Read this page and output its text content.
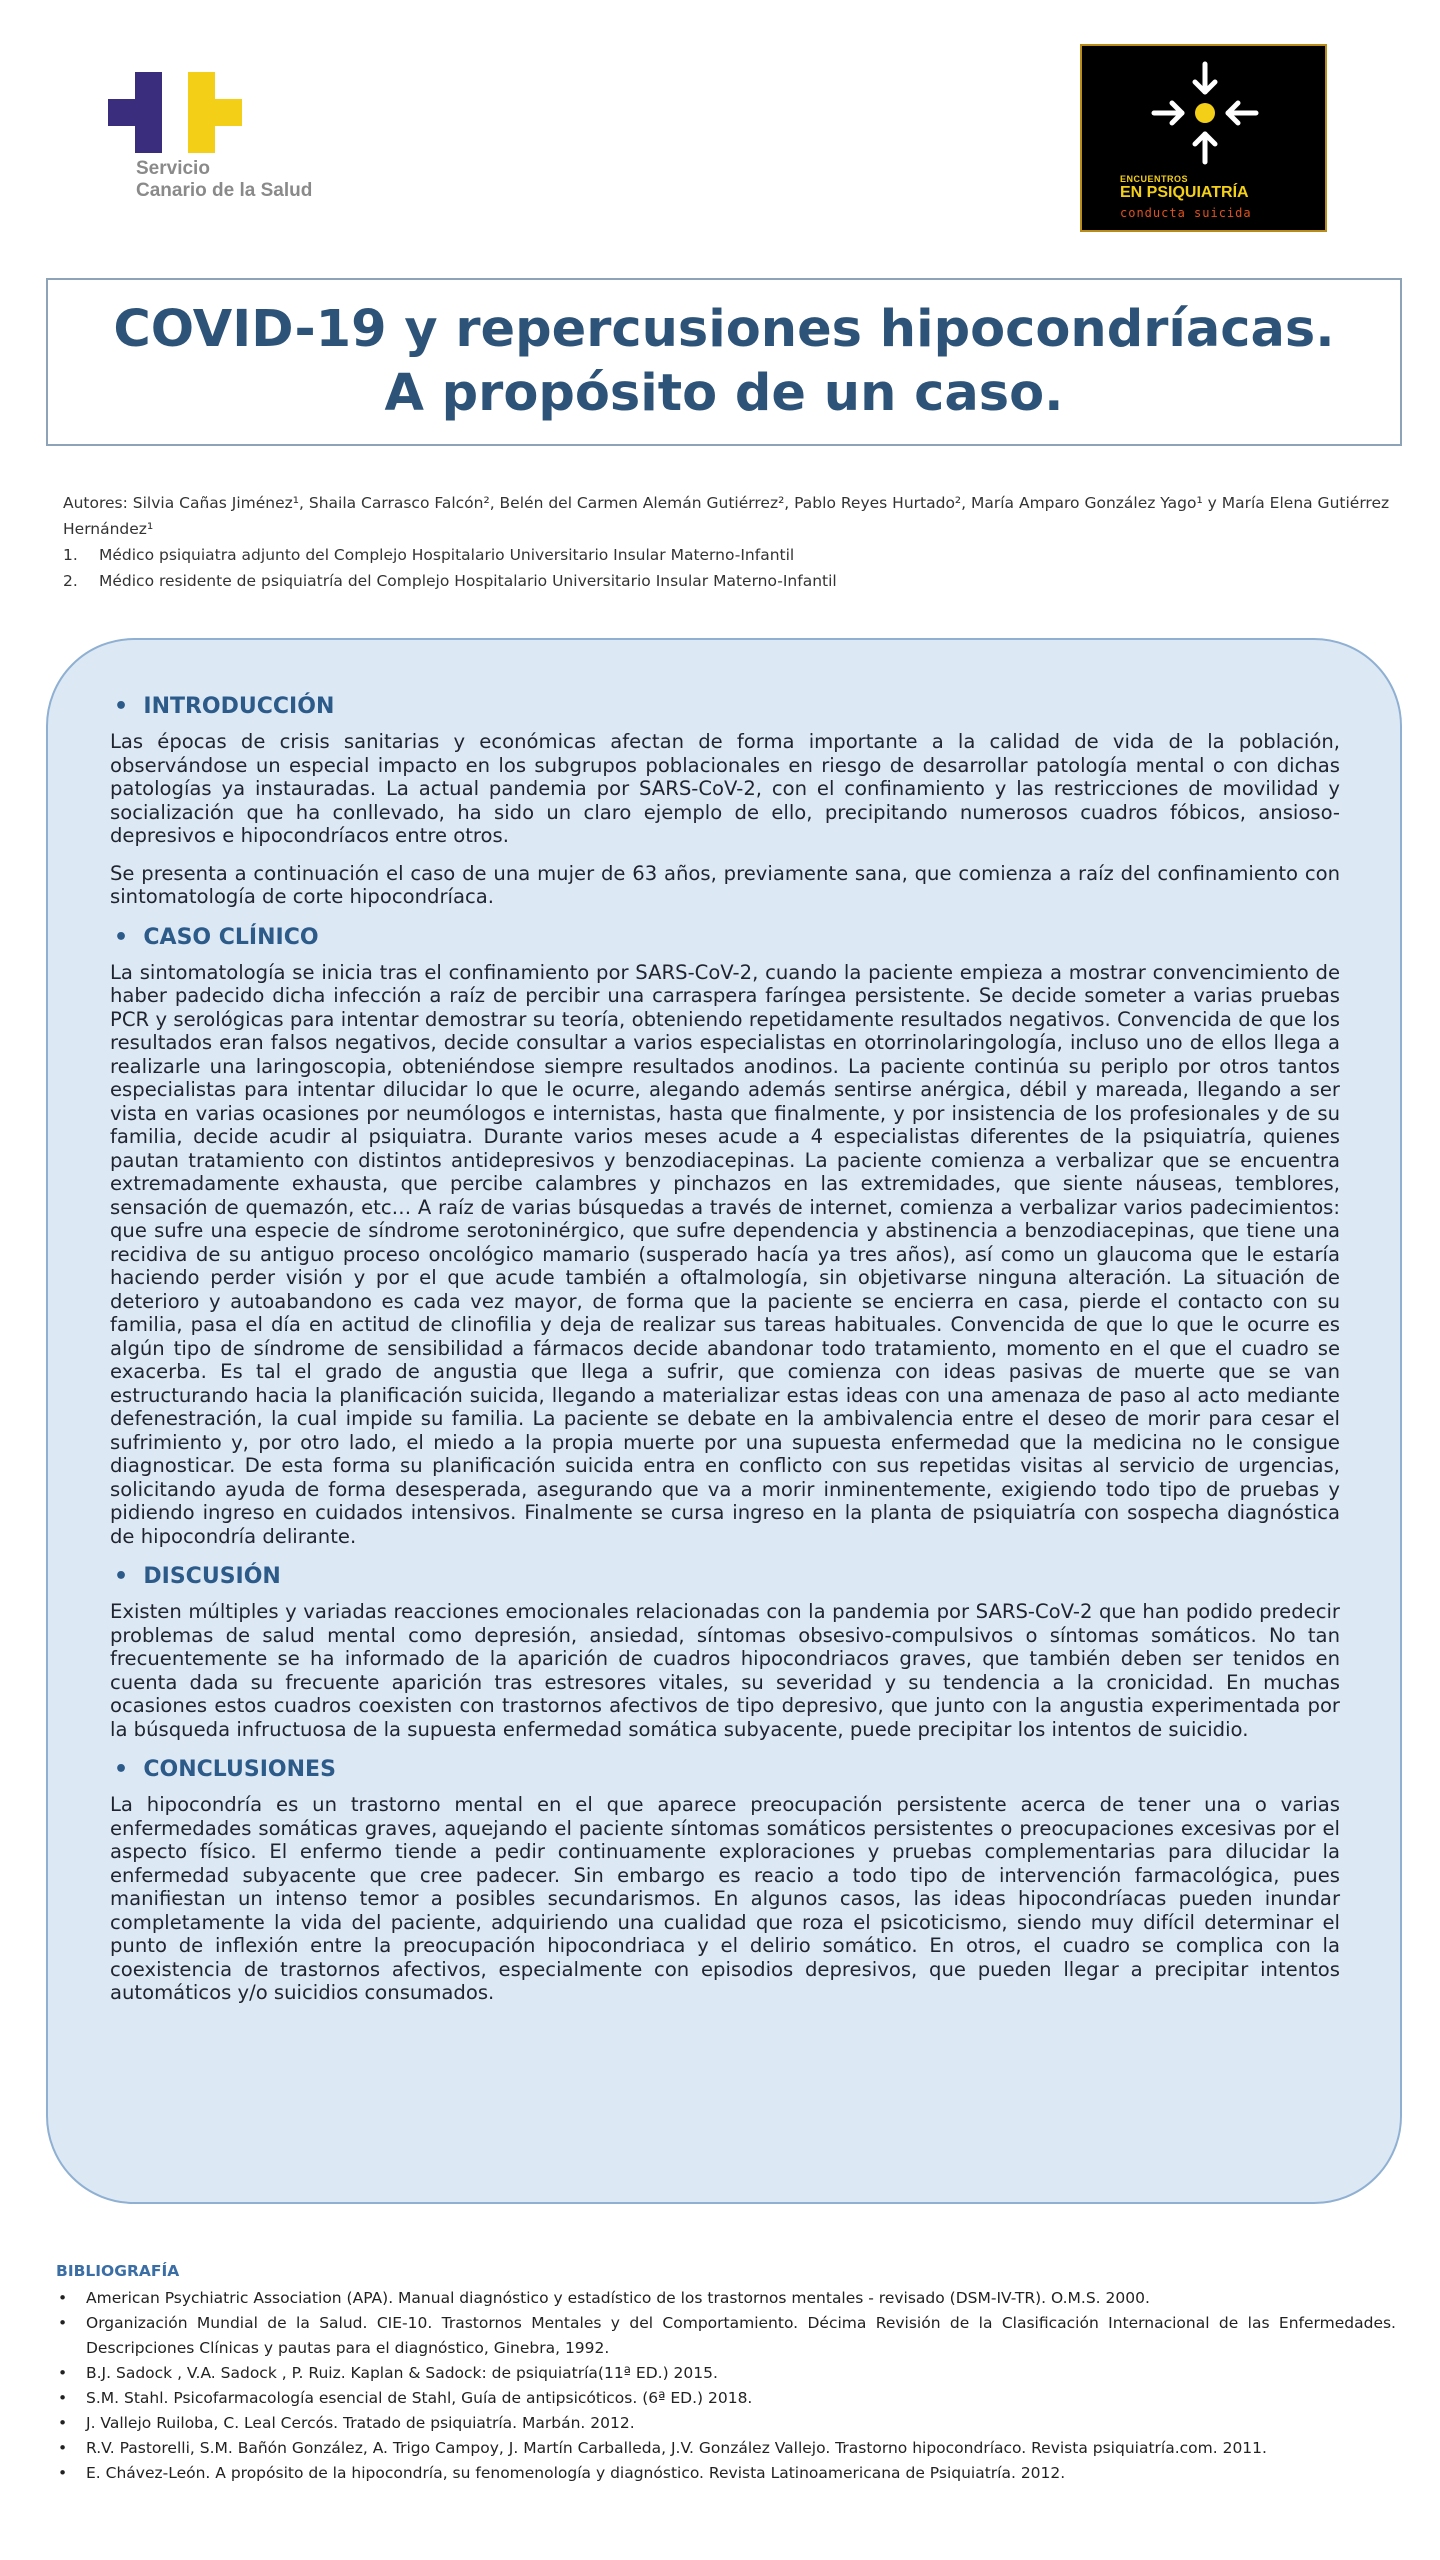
Servicio
Canario de la Salud
ENCUENTROS
EN PSIQUIATRÍA
conducta suicida
COVID-19 y repercusiones hipocondríacas. A propósito de un caso.
Autores: Silvia Cañas Jiménez¹, Shaila Carrasco Falcón², Belén del Carmen Alemán Gutiérrez², Pablo Reyes Hurtado², María Amparo González Yago¹ y María Elena Gutiérrez Hernández¹
1. Médico psiquiatra adjunto del Complejo Hospitalario Universitario Insular Materno-Infantil
2. Médico residente de psiquiatría del Complejo Hospitalario Universitario Insular Materno-Infantil
• INTRODUCCIÓN

Las épocas de crisis sanitarias y económicas afectan de forma importante a la calidad de vida de la población, observándose un especial impacto en los subgrupos poblacionales en riesgo de desarrollar patología mental o con dichas patologías ya instauradas. La actual pandemia por SARS-CoV-2, con el confinamiento y las restricciones de movilidad y socialización que ha conllevado, ha sido un claro ejemplo de ello, precipitando numerosos cuadros fóbicos, ansioso-depresivos e hipocondríacos entre otros.

Se presenta a continuación el caso de una mujer de 63 años, previamente sana, que comienza a raíz del confinamiento con sintomatología de corte hipocondríaca.

• CASO CLÍNICO

La sintomatología se inicia tras el confinamiento por SARS-CoV-2, cuando la paciente empieza a mostrar convencimiento de haber padecido dicha infección a raíz de percibir una carraspera faríngea persistente. Se decide someter a varias pruebas PCR y serológicas para intentar demostrar su teoría, obteniendo repetidamente resultados negativos. Convencida de que los resultados eran falsos negativos, decide consultar a varios especialistas en otorrinolaringología, incluso uno de ellos llega a realizarle una laringoscopia, obteniéndose siempre resultados anodinos. La paciente continúa su periplo por otros tantos especialistas para intentar dilucidar lo que le ocurre, alegando además sentirse anérgica, débil y mareada, llegando a ser vista en varias ocasiones por neumólogos e internistas, hasta que finalmente, y por insistencia de los profesionales y de su familia, decide acudir al psiquiatra. Durante varios meses acude a 4 especialistas diferentes de la psiquiatría, quienes pautan tratamiento con distintos antidepresivos y benzodiacepinas. La paciente comienza a verbalizar que se encuentra extremadamente exhausta, que percibe calambres y pinchazos en las extremidades, que siente náuseas, temblores, sensación de quemazón, etc… A raíz de varias búsquedas a través de internet, comienza a verbalizar varios padecimientos: que sufre una especie de síndrome serotoninérgico, que sufre dependencia y abstinencia a benzodiacepinas, que tiene una recidiva de su antiguo proceso oncológico mamario (susperado hacía ya tres años), así como un glaucoma que le estaría haciendo perder visión y por el que acude también a oftalmología, sin objetivarse ninguna alteración. La situación de deterioro y autoabandono es cada vez mayor, de forma que la paciente se encierra en casa, pierde el contacto con su familia, pasa el día en actitud de clinofilia y deja de realizar sus tareas habituales. Convencida de que lo que le ocurre es algún tipo de síndrome de sensibilidad a fármacos decide abandonar todo tratamiento, momento en el que el cuadro se exacerba. Es tal el grado de angustia que llega a sufrir, que comienza con ideas pasivas de muerte que se van estructurando hacia la planificación suicida, llegando a materializar estas ideas con una amenaza de paso al acto mediante defenestración, la cual impide su familia. La paciente se debate en la ambivalencia entre el deseo de morir para cesar el sufrimiento y, por otro lado, el miedo a la propia muerte por una supuesta enfermedad que la medicina no le consigue diagnosticar. De esta forma su planificación suicida entra en conflicto con sus repetidas visitas al servicio de urgencias, solicitando ayuda de forma desesperada, asegurando que va a morir inminentemente, exigiendo todo tipo de pruebas y pidiendo ingreso en cuidados intensivos. Finalmente se cursa ingreso en la planta de psiquiatría con sospecha diagnóstica de hipocondría delirante.

• DISCUSIÓN

Existen múltiples y variadas reacciones emocionales relacionadas con la pandemia por SARS-CoV-2 que han podido predecir problemas de salud mental como depresión, ansiedad, síntomas obsesivo-compulsivos o síntomas somáticos. No tan frecuentemente se ha informado de la aparición de cuadros hipocondriacos graves, que también deben ser tenidos en cuenta dada su frecuente aparición tras estresores vitales, su severidad y su tendencia a la cronicidad. En muchas ocasiones estos cuadros coexisten con trastornos afectivos de tipo depresivo, que junto con la angustia experimentada por la búsqueda infructuosa de la supuesta enfermedad somática subyacente, puede precipitar los intentos de suicidio.

• CONCLUSIONES

La hipocondría es un trastorno mental en el que aparece preocupación persistente acerca de tener una o varias enfermedades somáticas graves, aquejando el paciente síntomas somáticos persistentes o preocupaciones excesivas por el aspecto físico. El enfermo tiende a pedir continuamente exploraciones y pruebas complementarias para dilucidar la enfermedad subyacente que cree padecer. Sin embargo es reacio a todo tipo de intervención farmacológica, pues manifiestan un intenso temor a posibles secundarismos. En algunos casos, las ideas hipocondríacas pueden inundar completamente la vida del paciente, adquiriendo una cualidad que roza el psicoticismo, siendo muy difícil determinar el punto de inflexión entre la preocupación hipocondriaca y el delirio somático. En otros, el cuadro se complica con la coexistencia de trastornos afectivos, especialmente con episodios depresivos, que pueden llegar a precipitar intentos automáticos y/o suicidios consumados.

BIBLIOGRAFÍA
• American Psychiatric Association (APA). Manual diagnóstico y estadístico de los trastornos mentales - revisado (DSM-IV-TR). O.M.S. 2000.
• Organización Mundial de la Salud. CIE-10. Trastornos Mentales y del Comportamiento. Décima Revisión de la Clasificación Internacional de las Enfermedades. Descripciones Clínicas y pautas para el diagnóstico, Ginebra, 1992.
• B.J. Sadock , V.A. Sadock , P. Ruiz. Kaplan & Sadock: de psiquiatría(11ª ED.) 2015.
• S.M. Stahl. Psicofarmacología esencial de Stahl, Guía de antipsicóticos. (6ª ED.) 2018.
• J. Vallejo Ruiloba, C. Leal Cercós. Tratado de psiquiatría. Marbán. 2012.
• R.V. Pastorelli, S.M. Bañón González, A. Trigo Campoy, J. Martín Carballeda, J.V. González Vallejo. Trastorno hipocondríaco. Revista psiquiatría.com. 2011.
• E. Chávez-León. A propósito de la hipocondría, su fenomenología y diagnóstico. Revista Latinoamericana de Psiquiatría. 2012.
